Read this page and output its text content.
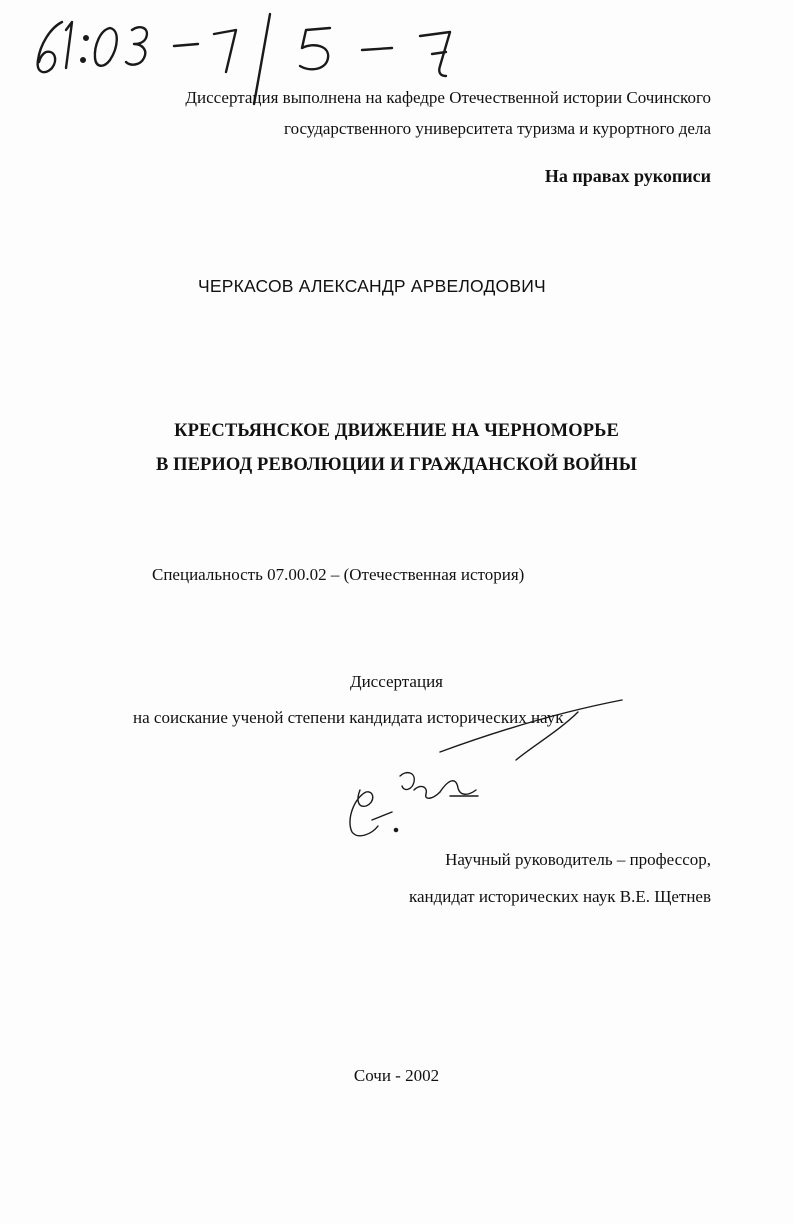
Диссертация выполнена на кафедре Отечественной истории Сочинского
государственного университета туризма и курортного дела
На правах рукописи
ЧЕРКАСОВ АЛЕКСАНДР АРВЕЛОДОВИЧ
КРЕСТЬЯНСКОЕ ДВИЖЕНИЕ НА ЧЕРНОМОРЬЕ
В ПЕРИОД РЕВОЛЮЦИИ И ГРАЖДАНСКОЙ ВОЙНЫ
Специальность 07.00.02 – (Отечественная история)
Диссертация
на соискание ученой степени кандидата исторических наук
Научный руководитель – профессор,
кандидат исторических наук В.Е. Щетнев
Сочи - 2002
